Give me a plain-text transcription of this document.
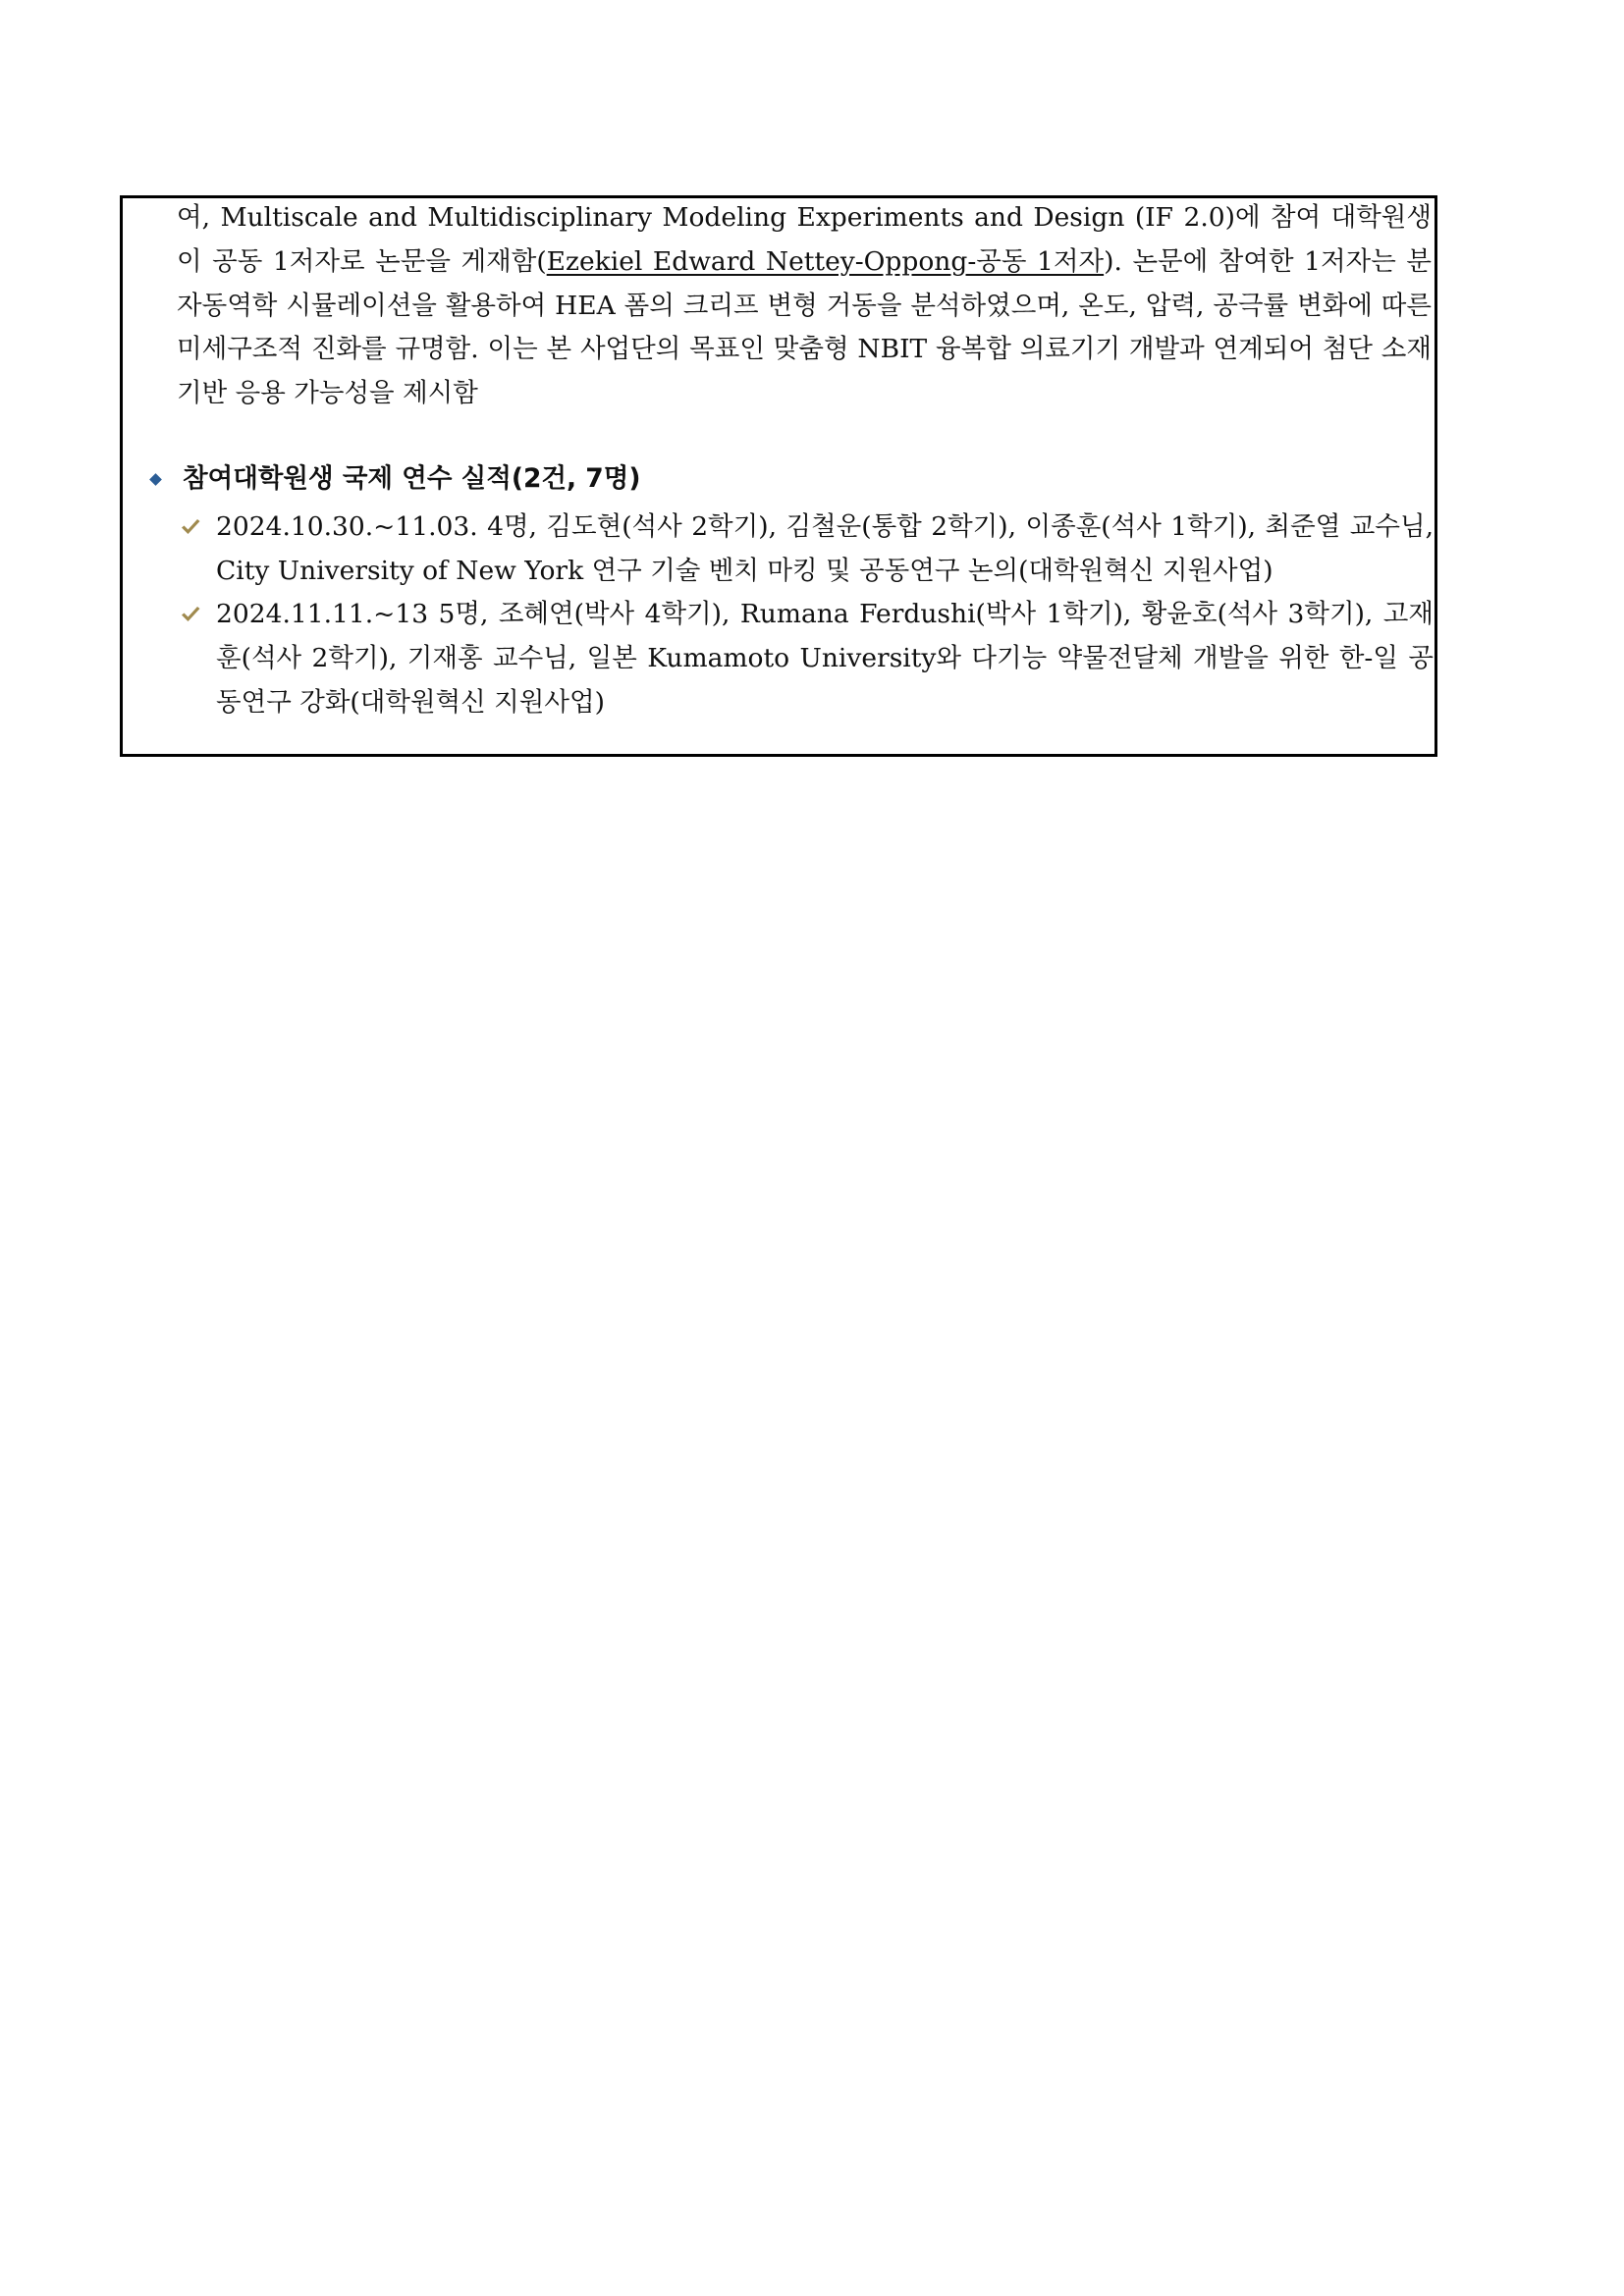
여, Multiscale and Multidisciplinary Modeling Experiments and Design (IF 2.0)에 참여 대학원생이 공동 1저자로 논문을 게재함(Ezekiel Edward Nettey-Oppong-공동 1저자). 논문에 참여한 1저자는 분자동역학 시뮬레이션을 활용하여 HEA 폼의 크리프 변형 거동을 분석하였으며, 온도, 압력, 공극률 변화에 따른 미세구조적 진화를 규명함. 이는 본 사업단의 목표인 맞춤형 NBIT 융복합 의료기기 개발과 연계되어 첨단 소재 기반 응용 가능성을 제시함

참여대학원생 국제 연수 실적(2건, 7명)

2024.10.30.~11.03. 4명, 김도현(석사 2학기), 김철운(통합 2학기), 이종훈(석사 1학기), 최준열 교수님, City University of New York 연구 기술 벤치 마킹 및 공동연구 논의(대학원혁신 지원사업)

2024.11.11.~13 5명, 조혜연(박사 4학기), Rumana Ferdushi(박사 1학기), 황윤호(석사 3학기), 고재훈(석사 2학기), 기재홍 교수님, 일본 Kumamoto University와 다기능 약물전달체 개발을 위한 한-일 공동연구 강화(대학원혁신 지원사업)
